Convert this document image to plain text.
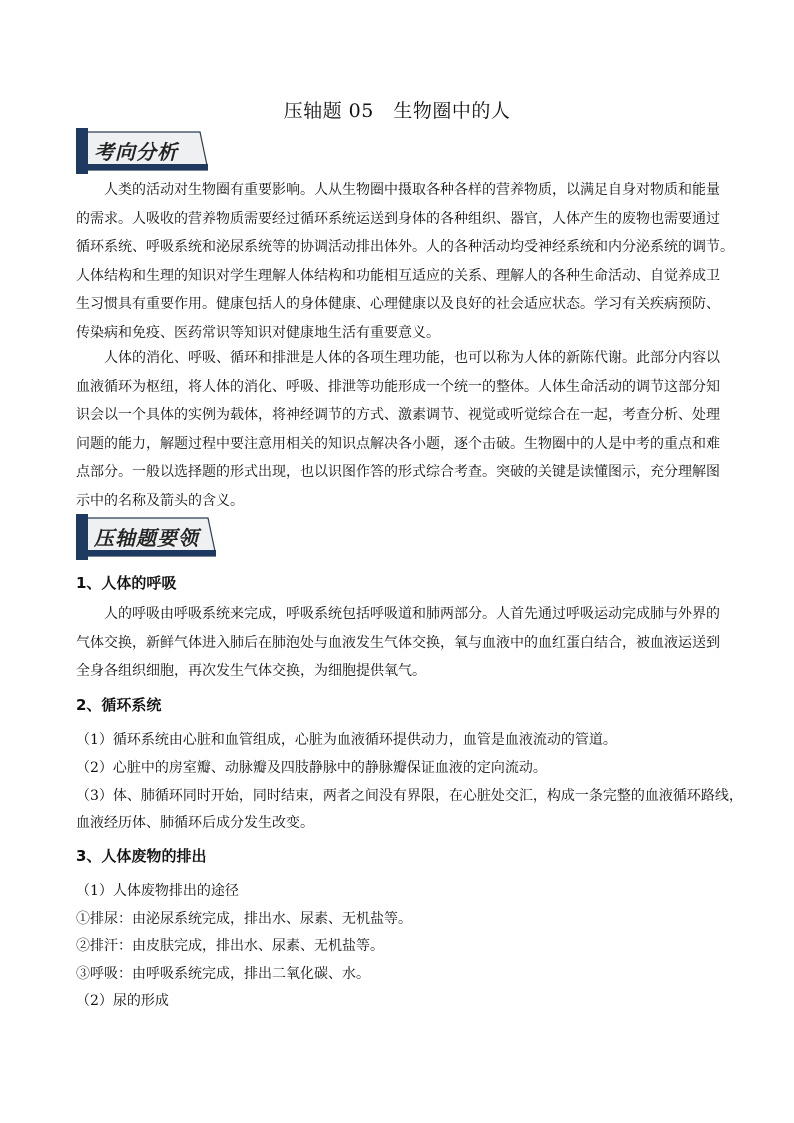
压轴题 05　生物圈中的人
考向分析
人类的活动对生物圈有重要影响。人从生物圈中摄取各种各样的营养物质，以满足自身对物质和能量
的需求。人吸收的营养物质需要经过循环系统运送到身体的各种组织、器官，人体产生的废物也需要通过
循环系统、呼吸系统和泌尿系统等的协调活动排出体外。人的各种活动均受神经系统和内分泌系统的调节。
人体结构和生理的知识对学生理解人体结构和功能相互适应的关系、理解人的各种生命活动、自觉养成卫
生习惯具有重要作用。健康包括人的身体健康、心理健康以及良好的社会适应状态。学习有关疾病预防、
传染病和免疫、医药常识等知识对健康地生活有重要意义。
人体的消化、呼吸、循环和排泄是人体的各项生理功能，也可以称为人体的新陈代谢。此部分内容以
血液循环为枢纽，将人体的消化、呼吸、排泄等功能形成一个统一的整体。人体生命活动的调节这部分知
识会以一个具体的实例为载体，将神经调节的方式、激素调节、视觉或听觉综合在一起，考查分析、处理
问题的能力，解题过程中要注意用相关的知识点解决各小题，逐个击破。生物圈中的人是中考的重点和难
点部分。一般以选择题的形式出现，也以识图作答的形式综合考查。突破的关键是读懂图示，充分理解图
示中的名称及箭头的含义。
压轴题要领
1、人体的呼吸
人的呼吸由呼吸系统来完成，呼吸系统包括呼吸道和肺两部分。人首先通过呼吸运动完成肺与外界的
气体交换，新鲜气体进入肺后在肺泡处与血液发生气体交换，氧与血液中的血红蛋白结合，被血液运送到
全身各组织细胞，再次发生气体交换，为细胞提供氧气。
2、循环系统
（1）循环系统由心脏和血管组成，心脏为血液循环提供动力，血管是血液流动的管道。
（2）心脏中的房室瓣、动脉瓣及四肢静脉中的静脉瓣保证血液的定向流动。
（3）体、肺循环同时开始，同时结束，两者之间没有界限，在心脏处交汇，构成一条完整的血液循环路线，
血液经历体、肺循环后成分发生改变。
3、人体废物的排出
（1）人体废物排出的途径
①排尿：由泌尿系统完成，排出水、尿素、无机盐等。
②排汗：由皮肤完成，排出水、尿素、无机盐等。
③呼吸：由呼吸系统完成，排出二氧化碳、水。
（2）尿的形成
